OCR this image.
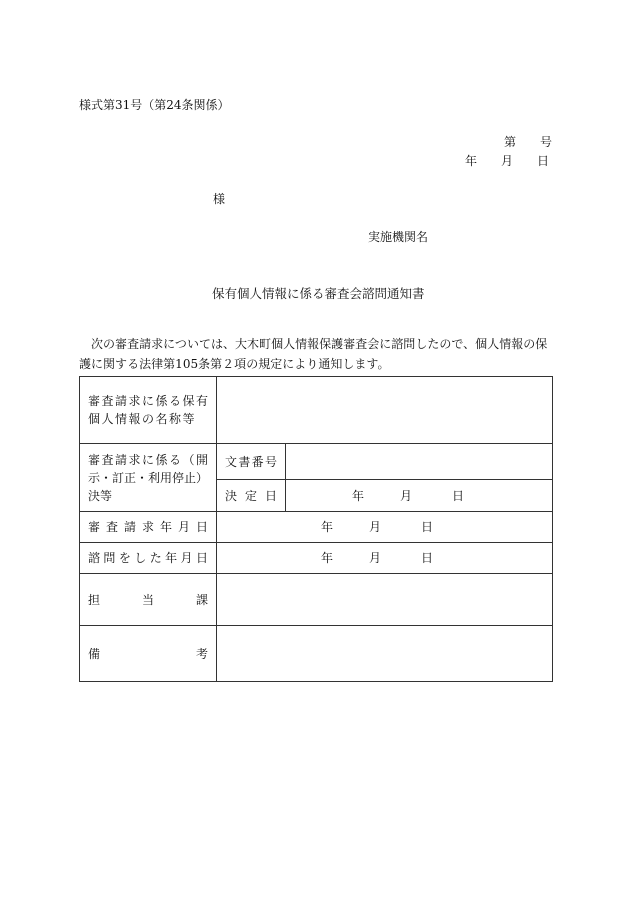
様式第31号（第24条関係）
第　　号
年　　月　　日
様
実施機関名
保有個人情報に係る審査会諮問通知書

　次の審査請求については、大木町個人情報保護審査会に諮問したので、個人情報の保

護に関する法律第105条第２項の規定により通知します。

審査請求に係る保有
個人情報の名称等		

審査請求に係る（開
示・訂正・利用停止）
決等	文書番号	
	決定日	年 月 日

審査請求年月日	年 月 日	

諮問をした年月日	年 月 日	

担当課		
備考		
